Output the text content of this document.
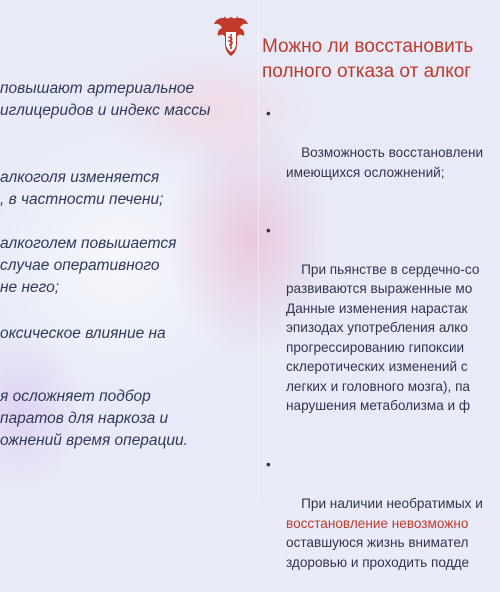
повышают артериальное
иглицеридов и индекс массы

алкоголя изменяется
, в частности печени;

алкоголем повышается
случае оперативного
не него;

оксическое влияние на

я осложняет подбор
паратов для наркоза и
ожнений время операции.

Можно ли восстановить
полного отказа от алког

•

Возможность восстановлени
имеющихся осложнений;

•

При пьянстве в сердечно-со
развиваются выраженные мо
Данные изменения нарастак
эпизодах употребления алко
прогрессированию гипоксии
склеротических изменений с
легких и головного мозга), па
нарушения метаболизма и ф

•

При наличии необратимых и
восстановление невозможно
оставшуюся жизнь внимател
здоровью и проходить подде
